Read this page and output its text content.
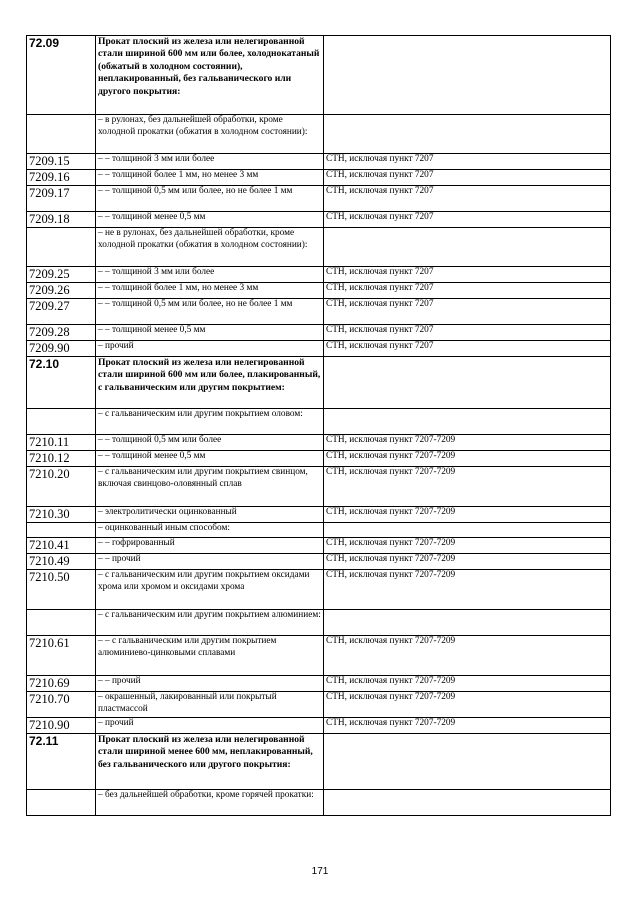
72.09	Прокат плоский из железа или нелегированной стали шириной 600 мм или более, холоднокатаный (обжатый в холодном состоянии), неплакированный, без гальванического или другого покрытия:	
	– в рулонах, без дальнейшей обработки, кроме холодной прокатки (обжатия в холодном состоянии):	
7209.15	– – толщиной 3 мм или более	СТН, исключая пункт 7207
7209.16	– – толщиной более 1 мм, но менее 3 мм	СТН, исключая пункт 7207
7209.17	– – толщиной 0,5 мм или более, но не более 1 мм	СТН, исключая пункт 7207
7209.18	– – толщиной менее 0,5 мм	СТН, исключая пункт 7207
	– не в рулонах, без дальнейшей обработки, кроме холодной прокатки (обжатия в холодном состоянии):	
7209.25	– – толщиной 3 мм или более	СТН, исключая пункт 7207
7209.26	– – толщиной более 1 мм, но менее 3 мм	СТН, исключая пункт 7207
7209.27	– – толщиной 0,5 мм или более, но не более 1 мм	СТН, исключая пункт 7207
7209.28	– – толщиной менее 0,5 мм	СТН, исключая пункт 7207
7209.90	– прочий	СТН, исключая пункт 7207
72.10	Прокат плоский из железа или нелегированной стали шириной 600 мм или более, плакированный, с гальваническим или другим покрытием:	
	– с гальваническим или другим покрытием оловом:	
7210.11	– – толщиной 0,5 мм или более	СТН, исключая пункт 7207-7209
7210.12	– – толщиной менее 0,5 мм	СТН, исключая пункт 7207-7209
7210.20	– с гальваническим или другим покрытием свинцом, включая свинцово-оловянный сплав	СТН, исключая пункт 7207-7209
7210.30	– электролитически оцинкованный	СТН, исключая пункт 7207-7209
	– оцинкованный иным способом:	
7210.41	– – гофрированный	СТН, исключая пункт 7207-7209
7210.49	– – прочий	СТН, исключая пункт 7207-7209
7210.50	– с гальваническим или другим покрытием оксидами хрома или хромом и оксидами хрома	СТН, исключая пункт 7207-7209
	– с гальваническим или другим покрытием алюминием:	
7210.61	– – с гальваническим или другим покрытием алюминиево-цинковыми сплавами	СТН, исключая пункт 7207-7209
7210.69	– – прочий	СТН, исключая пункт 7207-7209
7210.70	– окрашенный, лакированный или покрытый пластмассой	СТН, исключая пункт 7207-7209
7210.90	– прочий	СТН, исключая пункт 7207-7209
72.11	Прокат плоский из железа или нелегированной стали шириной менее 600 мм, неплакированный, без гальванического или другого покрытия:	
	– без дальнейшей обработки, кроме горячей прокатки:	
171
